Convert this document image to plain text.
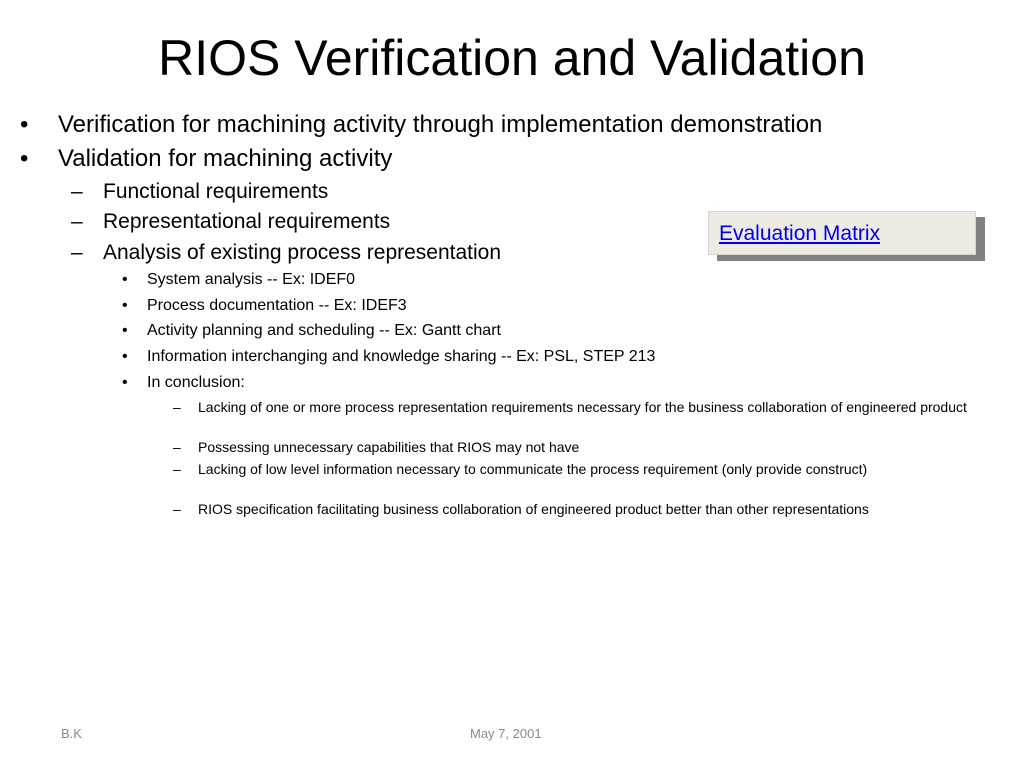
RIOS Verification and Validation
• Verification for machining activity through implementation demonstration
• Validation for machining activity
– Functional requirements
– Representational requirements
– Analysis of existing process representation
• System analysis -- Ex: IDEF0
• Process documentation -- Ex: IDEF3
• Activity planning and scheduling -- Ex: Gantt chart
• Information interchanging and knowledge sharing -- Ex: PSL, STEP 213
• In conclusion:
– Lacking of one or more process representation requirements necessary for the business collaboration of engineered product
– Possessing unnecessary capabilities that RIOS may not have
– Lacking of low level information necessary to communicate the process requirement (only provide construct)
– RIOS specification facilitating business collaboration of engineered product better than other representations
Evaluation Matrix
B.K	May 7, 2001
